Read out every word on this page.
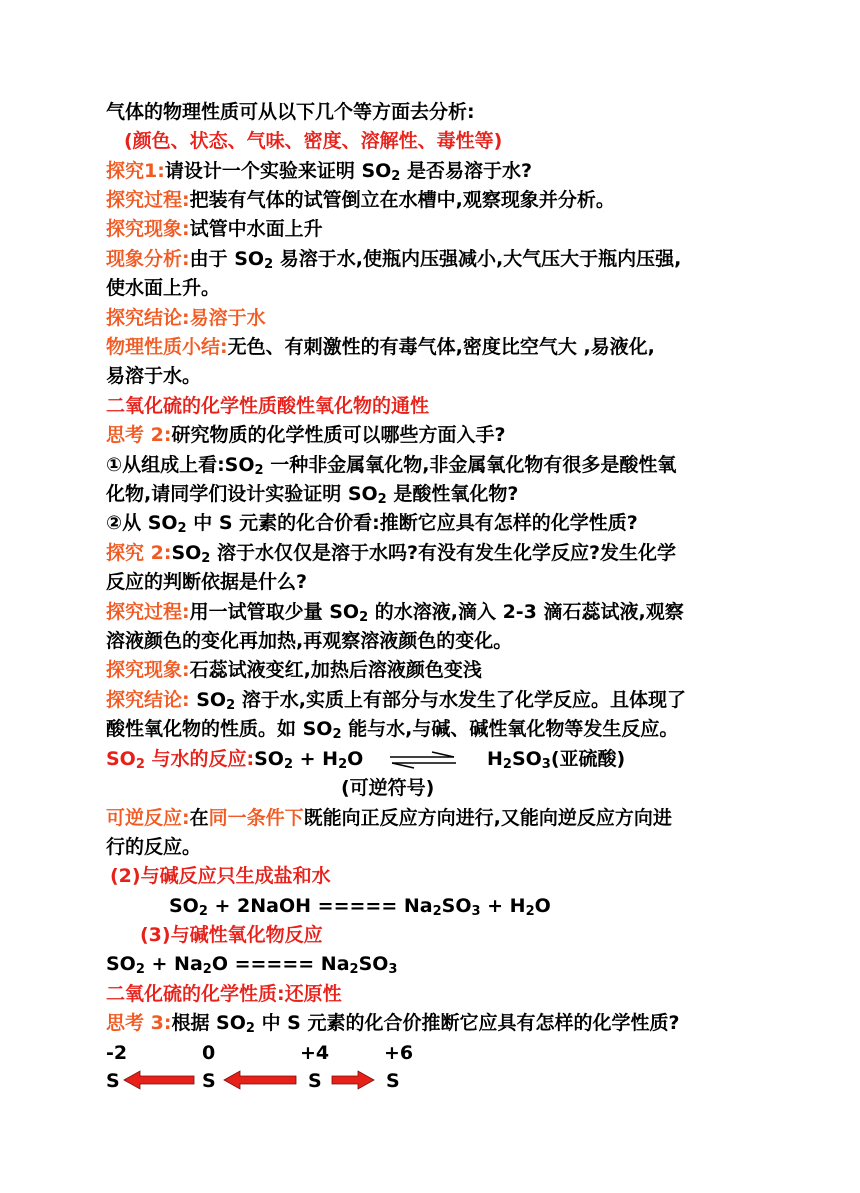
气体的物理性质可从以下几个等方面去分析:
(颜色、状态、气味、密度、溶解性、毒性等)
探究1:请设计一个实验来证明 $SO_2$ 是否易溶于水?
探究过程:把装有气体的试管倒立在水槽中,观察现象并分析。
探究现象:试管中水面上升
现象分析:由于 $SO_2$ 易溶于水,使瓶内压强减小,大气压大于瓶内压强,
使水面上升。
探究结论:易溶于水
物理性质小结:无色、有刺激性的有毒气体,密度比空气大 ,易液化,
易溶于水。
二氧化硫的化学性质酸性氧化物的通性
思考 2:研究物质的化学性质可以哪些方面入手?
①从组成上看$:SO_2$ 一种非金属氧化物,非金属氧化物有很多是酸性氧
化物,请同学们设计实验证明 $SO_2$ 是酸性氧化物?
②从 $SO_2$ 中 S 元素的化合价看:推断它应具有怎样的化学性质?
探究 $2:SO_2$ 溶于水仅仅是溶于水吗?有没有发生化学反应?发生化学
反应的判断依据是什么?
探究过程:用一试管取少量 $SO_2$ 的水溶液,滴入 2-3 滴石蕊试液,观察
溶液颜色的变化再加热,再观察溶液颜色的变化。
探究现象:石蕊试液变红,加热后溶液颜色变浅
探究结论: $SO_2$ 溶于水,实质上有部分与水发生了化学反应。且体现了
酸性氧化物的性质。如 $SO_2$ 能与水,与碱、碱性氧化物等发生反应。
$SO_2$ 与水的反应$:SO_2 + H_2O$	$H_2SO_3$(亚硫酸)
(可逆符号)
可逆反应:在同一条件下既能向正反应方向进行,又能向逆反应方向进
行的反应。
(2)与碱反应只生成盐和水
$SO_2$ + 2NaOH ===== $Na_2SO_3 + H_2O$
(3)与碱性氧化物反应
$SO_2 + Na_2O$ ===== $Na_2SO_3$
二氧化硫的化学性质:还原性
思考 3:根据 $SO_2$ 中 S 元素的化合价推断它应具有怎样的化学性质?
-2	0	+4	+6
S	S	S	S
